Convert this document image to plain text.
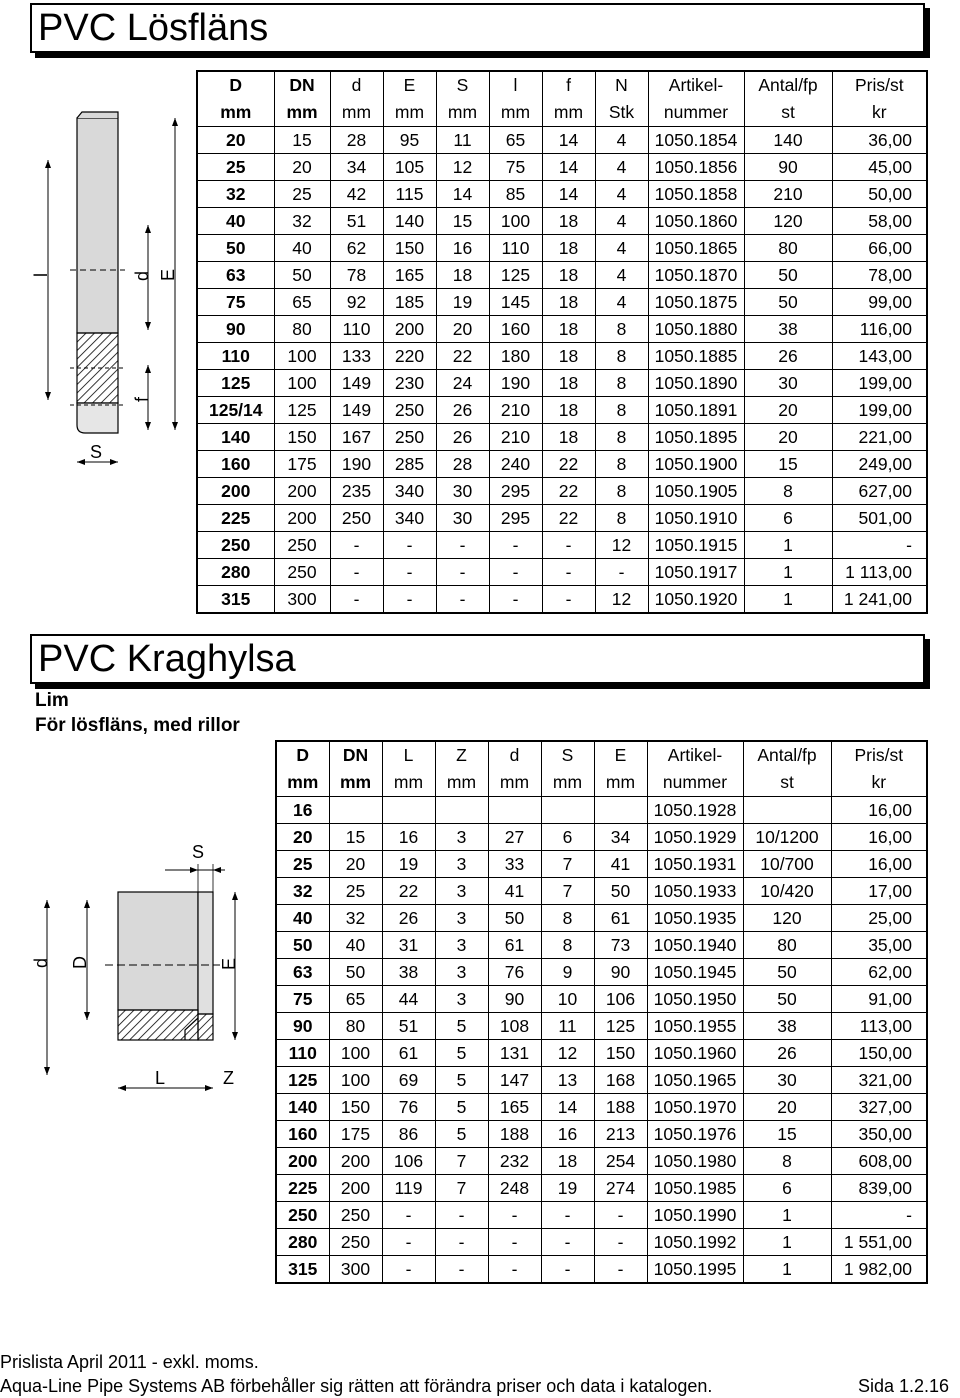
PVC Lösfläns
l	d E
f
S
D	DN	d	E	S	l	f	N	Artikel-	Antal/fp	Pris/st
mm	mm	mm	mm	mm	mm	mm	Stk	nummer	st	kr
20	15	28	95	11	65	14	4	1050.1854	140	36,00
25	20	34	105	12	75	14	4	1050.1856	90	45,00
32	25	42	115	14	85	14	4	1050.1858	210	50,00
40	32	51	140	15	100	18	4	1050.1860	120	58,00
50	40	62	150	16	110	18	4	1050.1865	80	66,00
63	50	78	165	18	125	18	4	1050.1870	50	78,00
75	65	92	185	19	145	18	4	1050.1875	50	99,00
90	80	110	200	20	160	18	8	1050.1880	38	116,00
110	100	133	220	22	180	18	8	1050.1885	26	143,00
125	100	149	230	24	190	18	8	1050.1890	30	199,00
125/14	125	149	250	26	210	18	8	1050.1891	20	199,00
140	150	167	250	26	210	18	8	1050.1895	20	221,00
160	175	190	285	28	240	22	8	1050.1900	15	249,00
200	200	235	340	30	295	22	8	1050.1905	8	627,00
225	200	250	340	30	295	22	8	1050.1910	6	501,00
250	250	-	-	-	-	-	12	1050.1915	1	-
280	250	-	-	-	-	-	-	1050.1917	1	1 113,00
315	300	-	-	-	-	-	12	1050.1920	1	1 241,00
PVC Kraghylsa
Lim
För lösfläns, med rillor
S
d D	E
L	Z
D	DN	L	Z	d	S	E	Artikel-	Antal/fp	Pris/st
mm	mm	mm	mm	mm	mm	mm	nummer	st	kr
16							1050.1928		16,00
20	15	16	3	27	6	34	1050.1929	10/1200	16,00
25	20	19	3	33	7	41	1050.1931	10/700	16,00
32	25	22	3	41	7	50	1050.1933	10/420	17,00
40	32	26	3	50	8	61	1050.1935	120	25,00
50	40	31	3	61	8	73	1050.1940	80	35,00
63	50	38	3	76	9	90	1050.1945	50	62,00
75	65	44	3	90	10	106	1050.1950	50	91,00
90	80	51	5	108	11	125	1050.1955	38	113,00
110	100	61	5	131	12	150	1050.1960	26	150,00
125	100	69	5	147	13	168	1050.1965	30	321,00
140	150	76	5	165	14	188	1050.1970	20	327,00
160	175	86	5	188	16	213	1050.1976	15	350,00
200	200	106	7	232	18	254	1050.1980	8	608,00
225	200	119	7	248	19	274	1050.1985	6	839,00
250	250	-	-	-	-	-	1050.1990	1	-
280	250	-	-	-	-	-	1050.1992	1	1 551,00
315	300	-	-	-	-	-	1050.1995	1	1 982,00
Prislista April 2011 - exkl. moms.
Aqua-Line Pipe Systems AB förbehåller sig rätten att förändra priser och data i katalogen.	Sida 1.2.16
